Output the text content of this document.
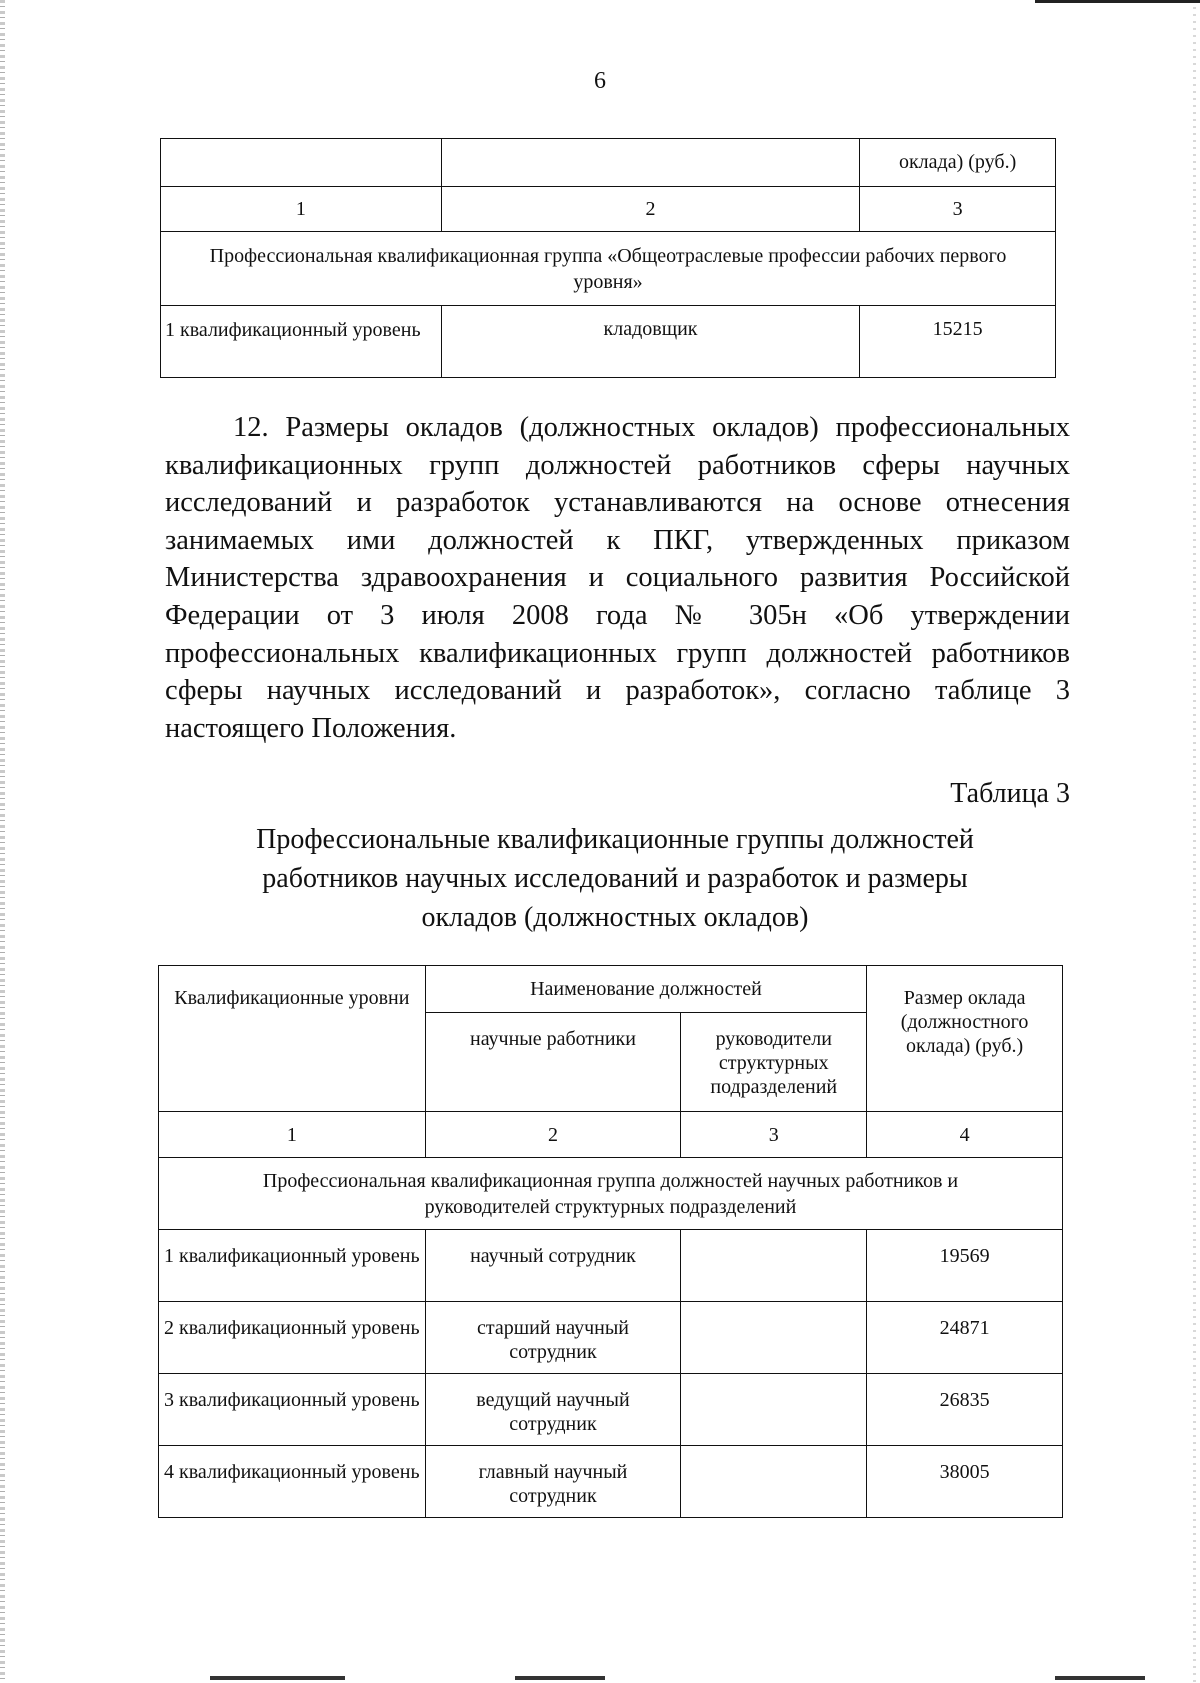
6
		оклада) (руб.)
1	2	3
Профессиональная квалификационная группа «Общеотраслевые профессии рабочих первого уровня»		
1 квалификационный уровень	кладовщик	15215

12. Размеры окладов (должностных окладов) профессиональных квалификационных групп должностей работников сферы научных исследований и разработок устанавливаются на основе отнесения занимаемых ими должностей к ПКГ, утвержденных приказом Министерства здравоохранения и социального развития Российской Федерации от 3 июля 2008 года № 305н «Об утверждении профессиональных квалификационных групп должностей работников сферы научных исследований и разработок», согласно таблице 3 настоящего Положения.

Таблица 3
Профессиональные квалификационные группы должностей
работников научных исследований и разработок и размеры
окладов (должностных окладов)
Квалификационные уровни	Наименование должностей		Размер оклада (должностного оклада) (руб.)
	научные работники	руководители структурных подразделений	
1	2	3	4
Профессиональная квалификационная группа должностей научных работников и руководителей структурных подразделений			
1 квалификационный уровень	научный сотрудник		19569
2 квалификационный уровень	старший научный сотрудник		24871
3 квалификационный уровень	ведущий научный сотрудник		26835
4 квалификационный уровень	главный научный сотрудник		38005
